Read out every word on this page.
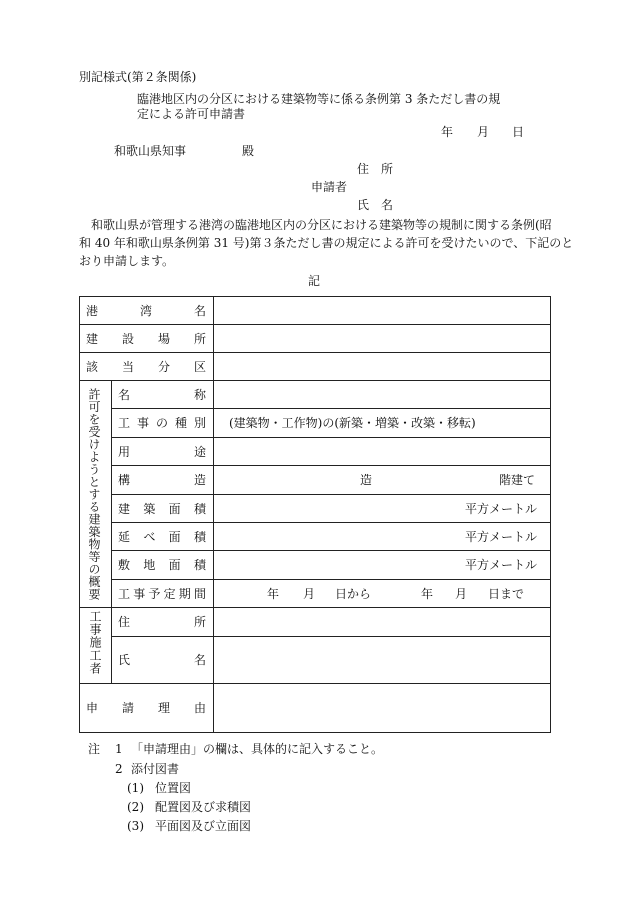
別記様式(第２条関係)
臨港地区内の分区における建築物等に係る条例第 3 条ただし書の規
定による許可申請書
年 月 日
和歌山県知事	殿
住　所
申請者
氏　名
　和歌山県が管理する港湾の臨港地区内の分区における建築物等の規制に関する条例(昭
和 40 年和歌山県条例第 31 号)第３条ただし書の規定による許可を受けたいので、下記のと
おり申請します。
記
港	湾	名
建 設 場 所
該 当 分 区
許可を受けようとする建築物等の概要 名	称
工 事 の 種 別 (建築物・工作物)の(新築・増築・改築・移転)
用	途
構	造	造	階建て
建 築 面 積	平方メートル
延 べ 面 積	平方メートル
敷 地 面 積	平方メートル
工 事 予 定 期 間	年 月 日から	年 月 日まで
工事施工者 住	所
氏	名
申 請 理 由
注 1 「申請理由」の欄は、具体的に記入すること。
2 添付図書
(1) 位置図
(2) 配置図及び求積図
(3) 平面図及び立面図
